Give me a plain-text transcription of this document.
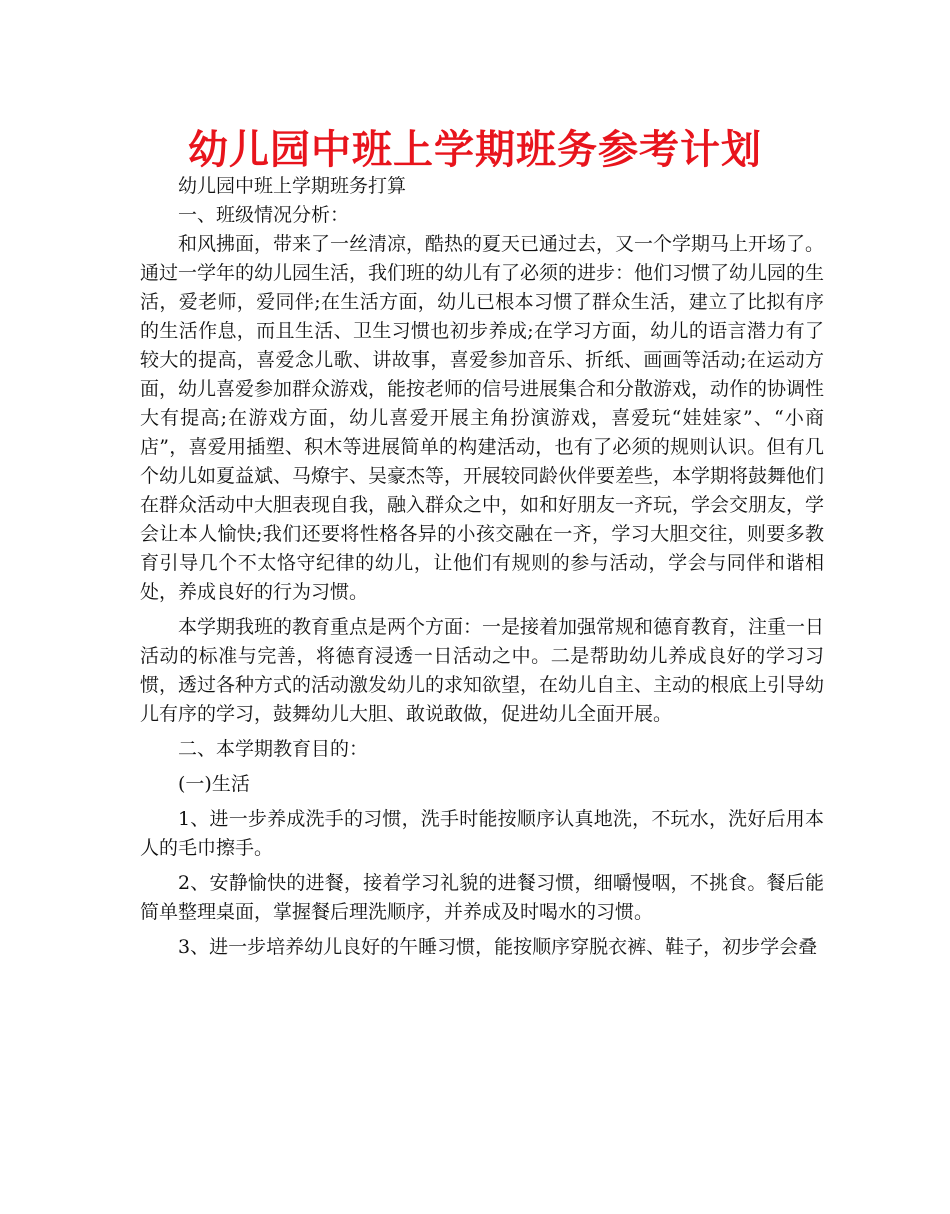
幼儿园中班上学期班务参考计划

幼儿园中班上学期班务打算

一、班级情况分析：

和风拂面，带来了一丝清凉，酷热的夏天已通过去，又一个学期马上开场了。通过一学年的幼儿园生活，我们班的幼儿有了必须的进步：他们习惯了幼儿园的生活，爱老师，爱同伴;在生活方面，幼儿已根本习惯了群众生活，建立了比拟有序的生活作息，而且生活、卫生习惯也初步养成;在学习方面，幼儿的语言潜力有了较大的提高，喜爱念儿歌、讲故事，喜爱参加音乐、折纸、画画等活动;在运动方面，幼儿喜爱参加群众游戏，能按老师的信号进展集合和分散游戏，动作的协调性大有提高;在游戏方面，幼儿喜爱开展主角扮演游戏，喜爱玩“娃娃家”、“小商店”，喜爱用插塑、积木等进展简单的构建活动，也有了必须的规则认识。但有几个幼儿如夏益斌、马燎宇、吴豪杰等，开展较同龄伙伴要差些，本学期将鼓舞他们在群众活动中大胆表现自我，融入群众之中，如和好朋友一齐玩，学会交朋友，学会让本人愉快;我们还要将性格各异的小孩交融在一齐，学习大胆交往，则要多教育引导几个不太恪守纪律的幼儿，让他们有规则的参与活动，学会与同伴和谐相处，养成良好的行为习惯。

本学期我班的教育重点是两个方面：一是接着加强常规和德育教育，注重一日活动的标准与完善，将德育浸透一日活动之中。二是帮助幼儿养成良好的学习习惯，透过各种方式的活动激发幼儿的求知欲望，在幼儿自主、主动的根底上引导幼儿有序的学习，鼓舞幼儿大胆、敢说敢做，促进幼儿全面开展。

二、本学期教育目的：

(一)生活

1、进一步养成洗手的习惯，洗手时能按顺序认真地洗，不玩水，洗好后用本人的毛巾擦手。

2、安静愉快的进餐，接着学习礼貌的进餐习惯，细嚼慢咽，不挑食。餐后能简单整理桌面，掌握餐后理洗顺序，并养成及时喝水的习惯。

3、进一步培养幼儿良好的午睡习惯，能按顺序穿脱衣裤、鞋子，初步学会叠
